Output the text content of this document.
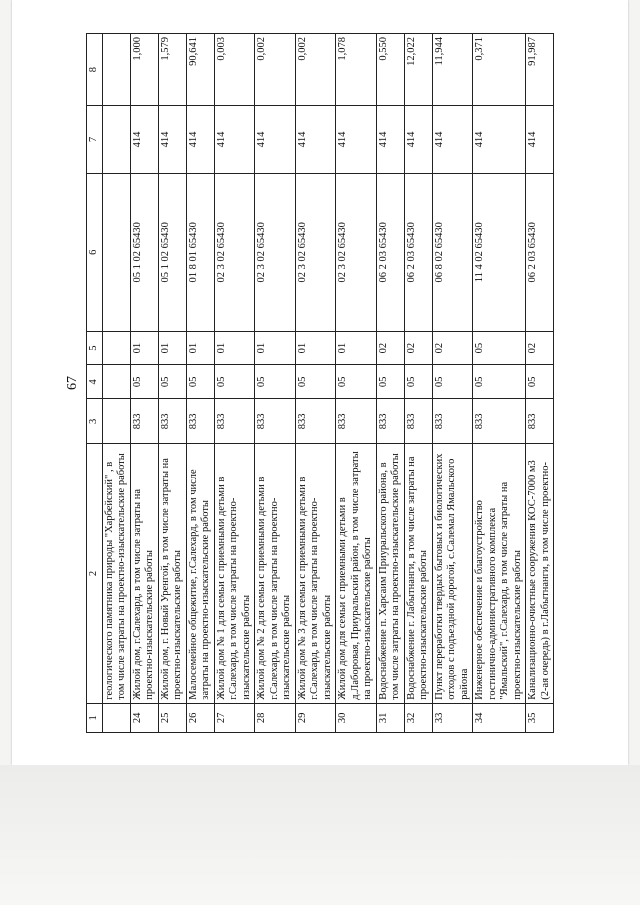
67
1	2	3	4	5	6	7	8
	геологического памятника природы "Харбейский" , в том числе затраты на проектно-изыскательские работы						
24	Жилой дом, г.Салехард, в том числе затраты на проектно-изыскательские работы	833	05	01	05 1 02 65430	414	1,000
25	Жилой дом, г. Новый Уренгой, в том числе затраты на проектно-изыскательские работы	833	05	01	05 1 02 65430	414	1,579
26	Малосемейное общежитие, г.Салехард, в том числе затраты на проектно-изыскательские работы	833	05	01	01 8 01 65430	414	90,641
27	Жилой дом № 1 для семьи с приемными детьми в г.Салехард, в том числе затраты на проектно-изыскательские работы	833	05	01	02 3 02 65430	414	0,003
28	Жилой дом № 2 для семьи с приемными детьми в г.Салехард, в том числе затраты на проектно-изыскательские работы	833	05	01	02 3 02 65430	414	0,002
29	Жилой дом № 3 для семьи с приемными детьми в г.Салехард, в том числе затраты на проектно-изыскательские работы	833	05	01	02 3 02 65430	414	0,002
30	Жилой дом для семьи с приемными детьми в д.Лаборовая, Приуральский район, в том числе затраты на проектно-изыскательские работы	833	05	01	02 3 02 65430	414	1,078
31	Водоснабжение п. Харсаим Приуральского района, в том числе затраты на проектно-изыскательские работы	833	05	02	06 2 03 65430	414	0,550
32	Водоснабжение г. Лабытнанги, в том числе затраты на проектно-изыскательские работы	833	05	02	06 2 03 65430	414	12,022
33	Пункт переработки твердых бытовых и биологических отходов с подъездной дорогой, с.Салемал Ямальского района	833	05	02	06 8 02 65430	414	11,944
34	Инженерное обеспечение и благоустройство гостинично-административного комплекса "Ямальский", г.Салехард, в том числе затраты на проектно-изыскательские работы	833	05	05	11 4 02 65430	414	0,371
35	Канализационно-очистные сооружения КОС-7000 м3 (2-ая очередь) в г.Лабытнанги, в том числе проектно-	833	05	02	06 2 03 65430	414	91,987
